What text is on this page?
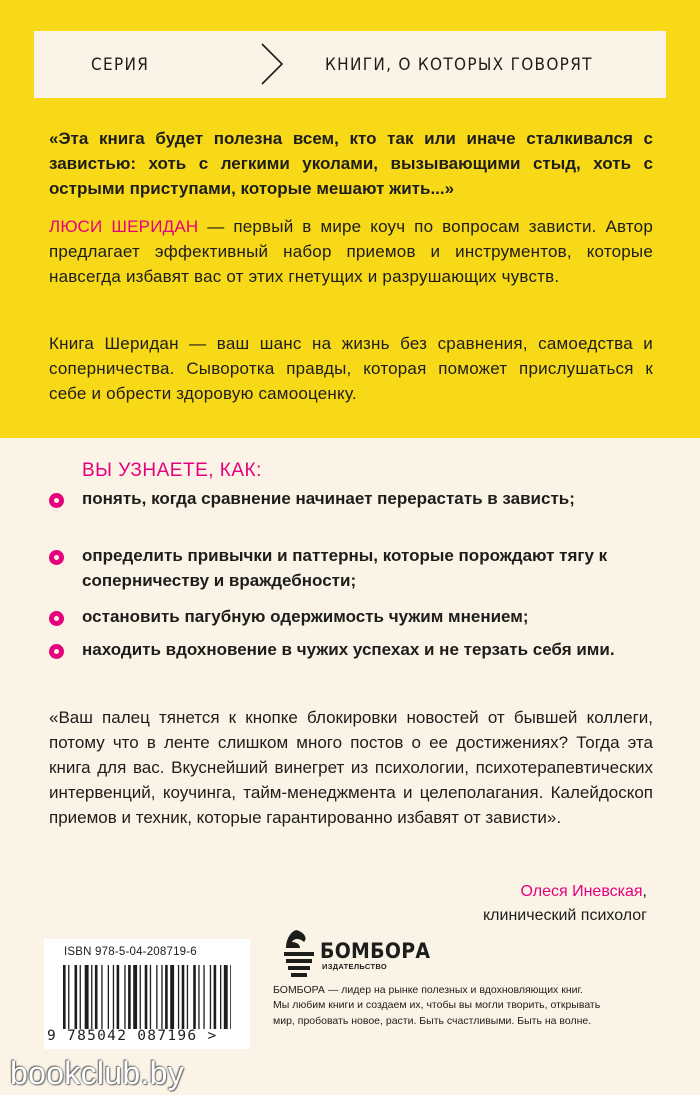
СЕРИЯ	КНИГИ, О КОТОРЫХ ГОВОРЯТ
«Эта книга будет полезна всем, кто так или иначе сталкивался с завистью: хоть с легкими уколами, вызывающими стыд, хоть с острыми приступами, которые мешают жить...»
ЛЮСИ ШЕРИДАН — первый в мире коуч по вопросам зависти. Автор предлагает эффективный набор приемов и инструментов, которые навсегда избавят вас от этих гнетущих и разрушающих чувств.
Книга Шеридан — ваш шанс на жизнь без сравнения, самоедства и соперничества. Сыворотка правды, которая поможет прислушаться к себе и обрести здоровую самооценку.
ВЫ УЗНАЕТЕ, КАК:
понять, когда сравнение начинает перерастать в зависть;
определить привычки и паттерны, которые порождают тягу к соперничеству и враждебности;
остановить пагубную одержимость чужим мнением;
находить вдохновение в чужих успехах и не терзать себя ими.
«Ваш палец тянется к кнопке блокировки новостей от бывшей коллеги, потому что в ленте слишком много постов о ее достижениях? Тогда эта книга для вас. Вкуснейший винегрет из психологии, психотерапевтических интервенций, коучинга, тайм-менеджмента и целеполагания. Калейдоскоп приемов и техник, которые гарантированно избавят от зависти».
Олеся Иневская,
клинический психолог
ISBN 978-5-04-208719-6
9 785042 087196 >
БОМБОРА
ИЗДАТЕЛЬСТВО
БОМБОРА — лидер на рынке полезных и вдохновляющих книг. Мы любим книги и создаем их, чтобы вы могли творить, открывать мир, пробовать новое, расти. Быть счастливыми. Быть на волне.
bookclub.by
